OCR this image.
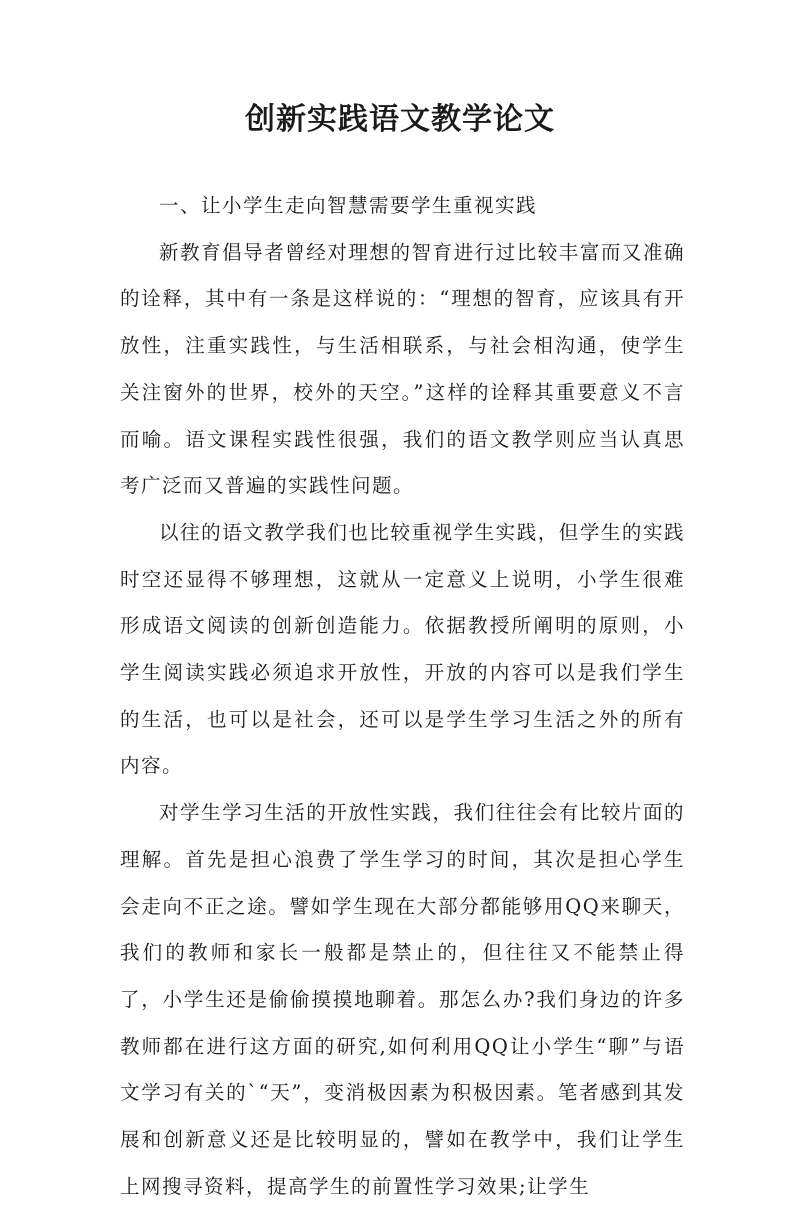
创新实践语文教学论文

一、让小学生走向智慧需要学生重视实践

新教育倡导者曾经对理想的智育进行过比较丰富而又准确的诠释，其中有一条是这样说的：“理想的智育，应该具有开放性，注重实践性，与生活相联系，与社会相沟通，使学生关注窗外的世界，校外的天空。”这样的诠释其重要意义不言而喻。语文课程实践性很强，我们的语文教学则应当认真思考广泛而又普遍的实践性问题。

以往的语文教学我们也比较重视学生实践，但学生的实践时空还显得不够理想，这就从一定意义上说明，小学生很难形成语文阅读的创新创造能力。依据教授所阐明的原则，小学生阅读实践必须追求开放性，开放的内容可以是我们学生的生活，也可以是社会，还可以是学生学习生活之外的所有内容。

对学生学习生活的开放性实践，我们往往会有比较片面的理解。首先是担心浪费了学生学习的时间，其次是担心学生会走向不正之途。譬如学生现在大部分都能够用QQ来聊天，我们的教师和家长一般都是禁止的，但往往又不能禁止得了，小学生还是偷偷摸摸地聊着。那怎么办?我们身边的许多教师都在进行这方面的研究,如何利用QQ让小学生“聊”与语文学习有关的`“天”，变消极因素为积极因素。笔者感到其发展和创新意义还是比较明显的，譬如在教学中，我们让学生上网搜寻资料，提高学生的前置性学习效果;让学生
